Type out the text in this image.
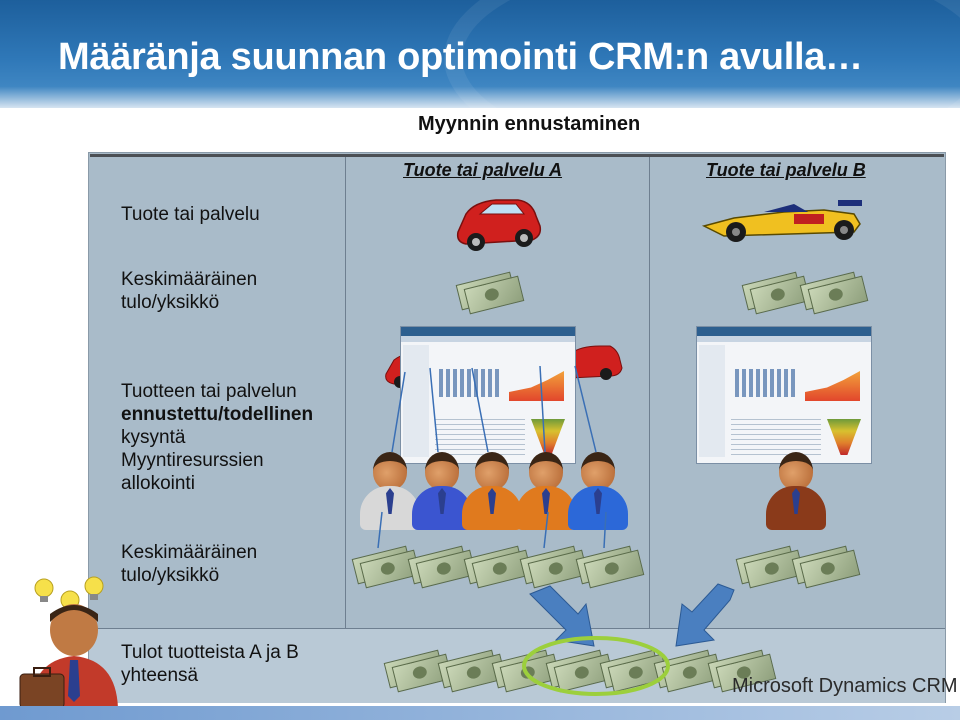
Määränja suunnan optimointi CRM:n avulla…
Myynnin ennustaminen
Tuote tai palvelu A	Tuote tai palvelu B
Tuote tai palvelu
Keskimääräinen
tulo/yksikkö
Tuotteen tai palvelun
ennustettu/todellinen
kysyntä
Myyntiresurssien
allokointi
Keskimääräinen
tulo/yksikkö
Tulot tuotteista A ja B
yhteensä	Microsoft Dynamics CRM
